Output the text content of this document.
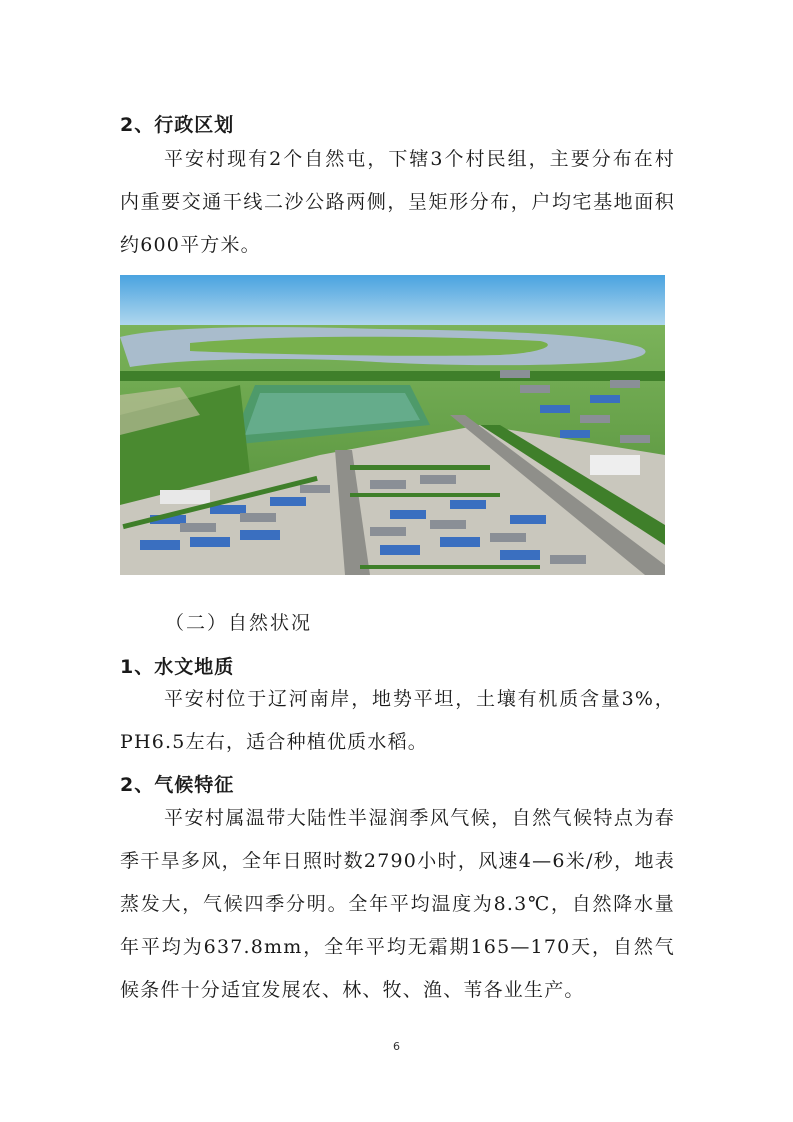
2、行政区划
平安村现有2个自然屯，下辖3个村民组，主要分布在村内重要交通干线二沙公路两侧，呈矩形分布，户均宅基地面积约600平方米。
（二）自然状况
1、水文地质
平安村位于辽河南岸，地势平坦，土壤有机质含量3%，PH6.5左右，适合种植优质水稻。
2、气候特征
平安村属温带大陆性半湿润季风气候，自然气候特点为春季干旱多风，全年日照时数2790小时，风速4—6米/秒，地表蒸发大，气候四季分明。全年平均温度为8.3℃，自然降水量年平均为637.8mm，全年平均无霜期165—170天，自然气候条件十分适宜发展农、林、牧、渔、苇各业生产。
6
